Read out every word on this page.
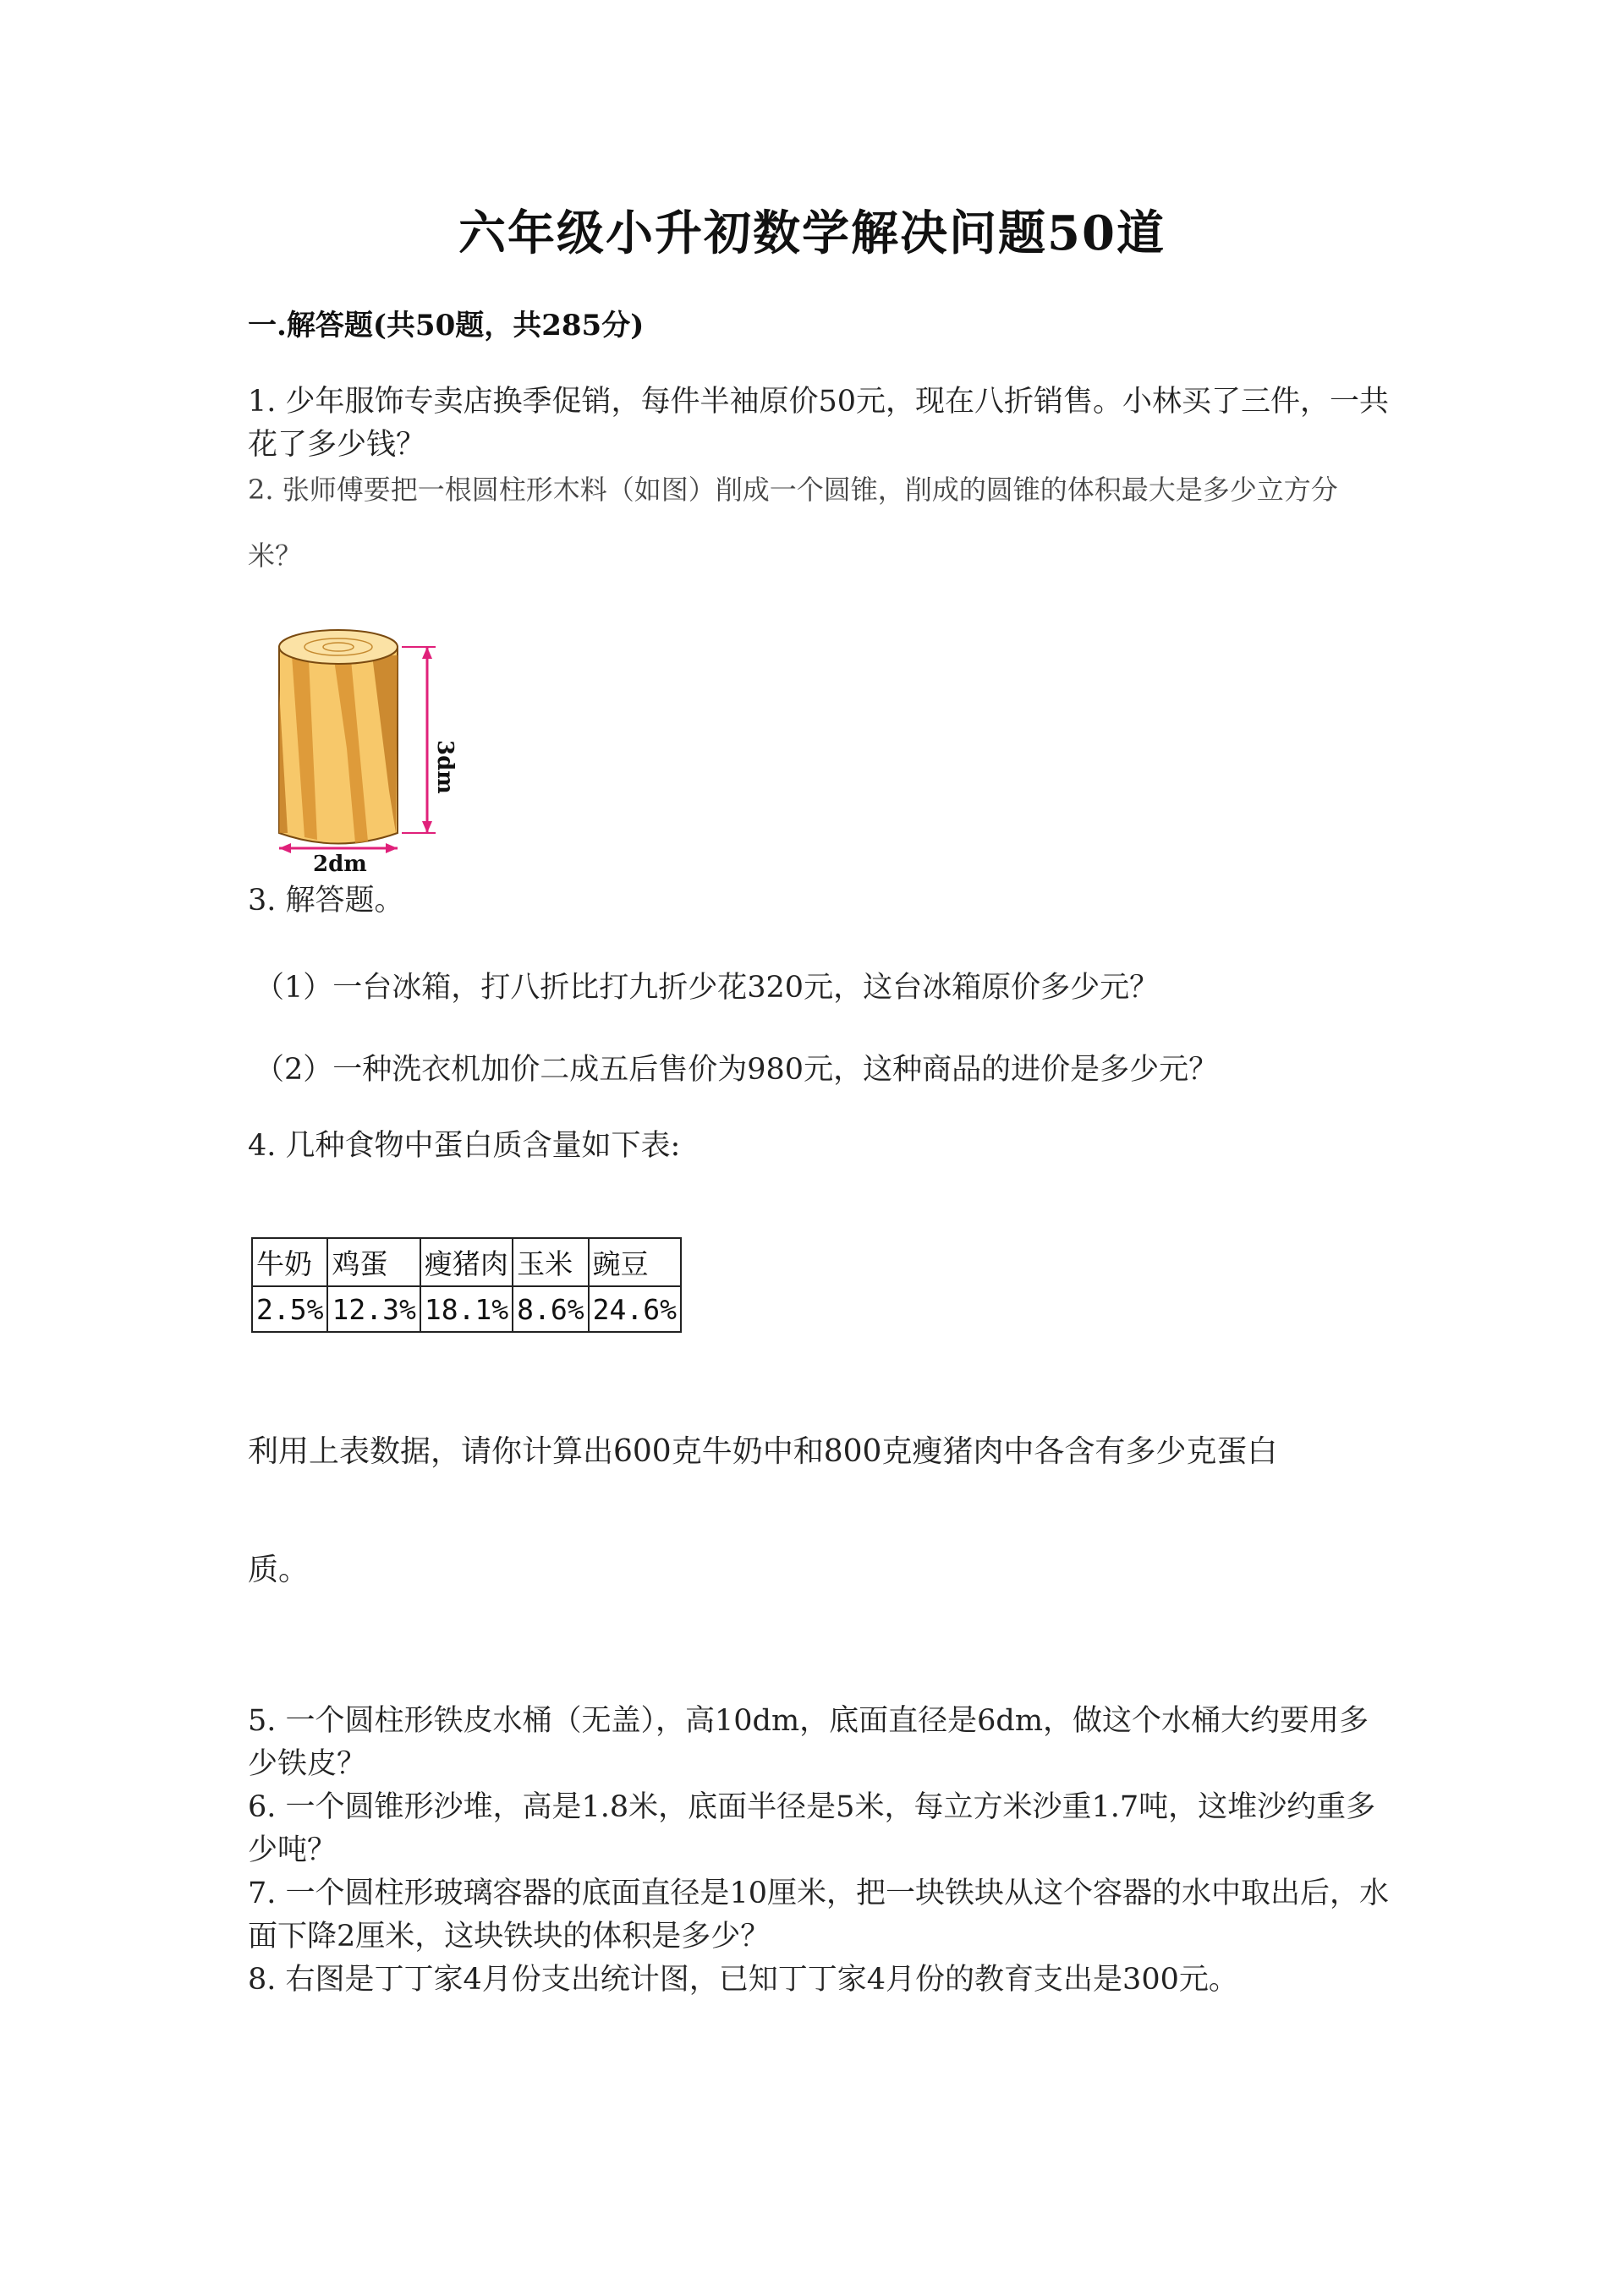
六年级小升初数学解决问题50道
一.解答题(共50题，共285分)
1. 少年服饰专卖店换季促销，每件半袖原价50元，现在八折销售。小林买了三件，一共花了多少钱？
2. 张师傅要把一根圆柱形木料（如图）削成一个圆锥，削成的圆锥的体积最大是多少立方分米？
3dm
2dm
3. 解答题。
（1）一台冰箱，打八折比打九折少花320元，这台冰箱原价多少元？
（2）一种洗衣机加价二成五后售价为980元，这种商品的进价是多少元？
4. 几种食物中蛋白质含量如下表:
牛奶	鸡蛋	瘦猪肉	玉米	豌豆
2.5%	12.3%	18.1%	8.6%	24.6%
利用上表数据，请你计算出600克牛奶中和800克瘦猪肉中各含有多少克蛋白
质。
5. 一个圆柱形铁皮水桶（无盖），高10dm，底面直径是6dm，做这个水桶大约要用多少铁皮？
6. 一个圆锥形沙堆，高是1.8米，底面半径是5米，每立方米沙重1.7吨，这堆沙约重多少吨？
7. 一个圆柱形玻璃容器的底面直径是10厘米，把一块铁块从这个容器的水中取出后，水面下降2厘米，这块铁块的体积是多少？
8. 右图是丁丁家4月份支出统计图，已知丁丁家4月份的教育支出是300元。
